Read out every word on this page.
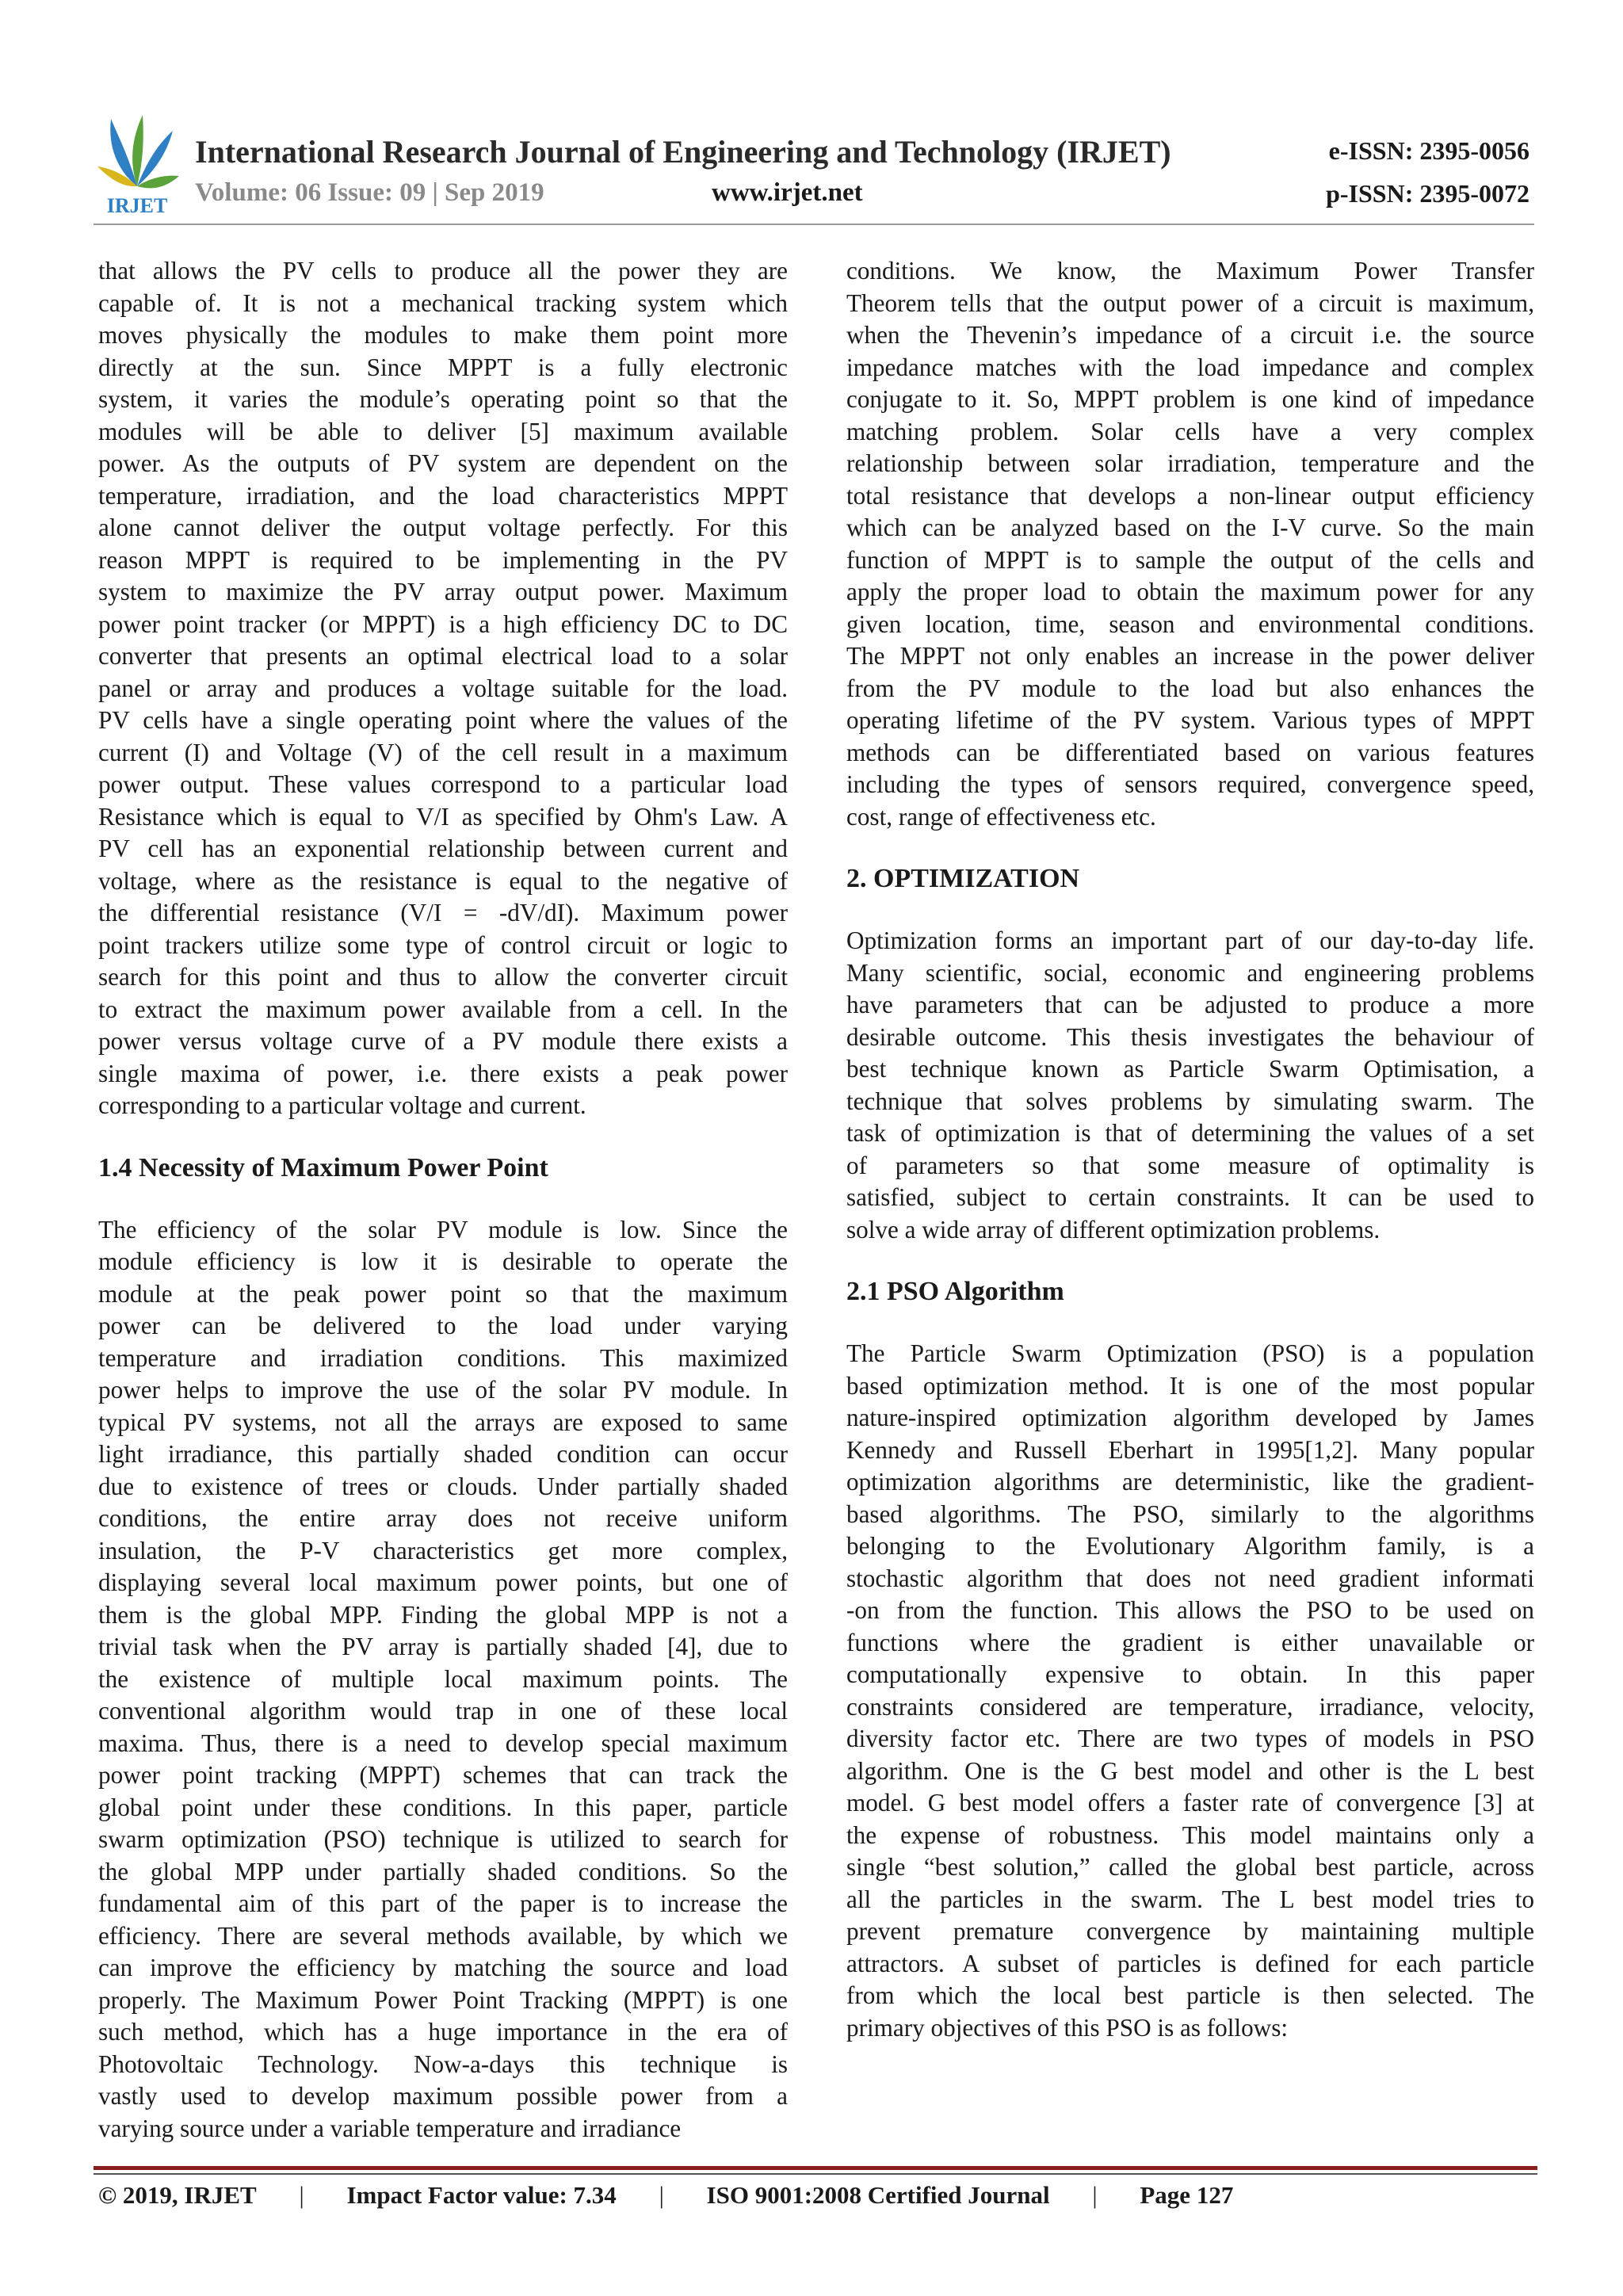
IRJET
International Research Journal of Engineering and Technology (IRJET)	e-ISSN: 2395-0056
Volume: 06 Issue: 09 | Sep 2019	www.irjet.net	p-ISSN: 2395-0072

that allows the PV cells to produce all the power they are

capable of. It is not a mechanical tracking system which

moves physically the modules to make them point more

directly at the sun. Since MPPT is a fully electronic

system, it varies the module’s operating point so that the

modules will be able to deliver [5] maximum available

power. As the outputs of PV system are dependent on the

temperature, irradiation, and the load characteristics MPPT

alone cannot deliver the output voltage perfectly. For this

reason MPPT is required to be implementing in the PV

system to maximize the PV array output power. Maximum

power point tracker (or MPPT) is a high efficiency DC to DC

converter that presents an optimal electrical load to a solar

panel or array and produces a voltage suitable for the load.

PV cells have a single operating point where the values of the

current (I) and Voltage (V) of the cell result in a maximum

power output. These values correspond to a particular load

Resistance which is equal to V/I as specified by Ohm's Law. A

PV cell has an exponential relationship between current and

voltage, where as the resistance is equal to the negative of

the differential resistance (V/I = -dV/dI). Maximum power

point trackers utilize some type of control circuit or logic to

search for this point and thus to allow the converter circuit

to extract the maximum power available from a cell. In the

power versus voltage curve of a PV module there exists a

single maxima of power, i.e. there exists a peak power

corresponding to a particular voltage and current.

1.4 Necessity of Maximum Power Point

The efficiency of the solar PV module is low. Since the

module efficiency is low it is desirable to operate the

module at the peak power point so that the maximum

power can be delivered to the load under varying

temperature and irradiation conditions. This maximized

power helps to improve the use of the solar PV module. In

typical PV systems, not all the arrays are exposed to same

light irradiance, this partially shaded condition can occur

due to existence of trees or clouds. Under partially shaded

conditions, the entire array does not receive uniform

insulation, the P-V characteristics get more complex,

displaying several local maximum power points, but one of

them is the global MPP. Finding the global MPP is not a

trivial task when the PV array is partially shaded [4], due to

the existence of multiple local maximum points. The

conventional algorithm would trap in one of these local

maxima. Thus, there is a need to develop special maximum

power point tracking (MPPT) schemes that can track the

global point under these conditions. In this paper, particle

swarm optimization (PSO) technique is utilized to search for

the global MPP under partially shaded conditions. So the

fundamental aim of this part of the paper is to increase the

efficiency. There are several methods available, by which we

can improve the efficiency by matching the source and load

properly. The Maximum Power Point Tracking (MPPT) is one

such method, which has a huge importance in the era of

Photovoltaic Technology. Now-a-days this technique is

vastly used to develop maximum possible power from a

varying source under a variable temperature and irradiance

conditions. We know, the Maximum Power Transfer

Theorem tells that the output power of a circuit is maximum,

when the Thevenin’s impedance of a circuit i.e. the source

impedance matches with the load impedance and complex

conjugate to it. So, MPPT problem is one kind of impedance

matching problem. Solar cells have a very complex

relationship between solar irradiation, temperature and the

total resistance that develops a non-linear output efficiency

which can be analyzed based on the I-V curve. So the main

function of MPPT is to sample the output of the cells and

apply the proper load to obtain the maximum power for any

given location, time, season and environmental conditions.

The MPPT not only enables an increase in the power deliver

from the PV module to the load but also enhances the

operating lifetime of the PV system. Various types of MPPT

methods can be differentiated based on various features

including the types of sensors required, convergence speed,

cost, range of effectiveness etc.

2. OPTIMIZATION

Optimization forms an important part of our day-to-day life.

Many scientific, social, economic and engineering problems

have parameters that can be adjusted to produce a more

desirable outcome. This thesis investigates the behaviour of

best technique known as Particle Swarm Optimisation, a

technique that solves problems by simulating swarm. The

task of optimization is that of determining the values of a set

of parameters so that some measure of optimality is

satisfied, subject to certain constraints. It can be used to

solve a wide array of different optimization problems.

2.1 PSO Algorithm

The Particle Swarm Optimization (PSO) is a population

based optimization method. It is one of the most popular

nature-inspired optimization algorithm developed by James

Kennedy and Russell Eberhart in 1995[1,2]. Many popular

optimization algorithms are deterministic, like the gradient-

based algorithms. The PSO, similarly to the algorithms

belonging to the Evolutionary Algorithm family, is a

stochastic algorithm that does not need gradient informati

-on from the function. This allows the PSO to be used on

functions where the gradient is either unavailable or

computationally expensive to obtain. In this paper

constraints considered are temperature, irradiance, velocity,

diversity factor etc. There are two types of models in PSO

algorithm. One is the G best model and other is the L best

model. G best model offers a faster rate of convergence [3] at

the expense of robustness. This model maintains only a

single “best solution,” called the global best particle, across

all the particles in the swarm. The L best model tries to

prevent premature convergence by maintaining multiple

attractors. A subset of particles is defined for each particle

from which the local best particle is then selected. The

primary objectives of this PSO is as follows:

© 2019, IRJET | Impact Factor value: 7.34 | ISO 9001:2008 Certified Journal | Page 127
